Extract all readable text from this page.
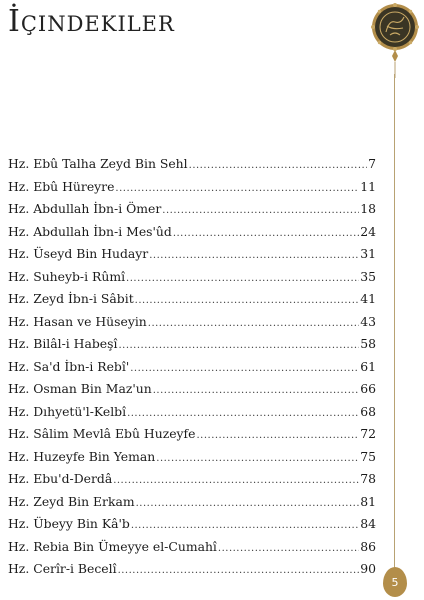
İçindekiler
Hz. Ebû Talha Zeyd Bin Sehl .....	7
Hz. Ebû Hüreyre .....	11
Hz. Abdullah İbn-i Ömer .....	18
Hz. Abdullah İbn-i Mes'ûd .....	24
Hz. Üseyd Bin Hudayr .....	31
Hz. Suheyb-i Rûmî .....	35
Hz. Zeyd İbn-i Sâbit .....	41
Hz. Hasan ve Hüseyin .....	43
Hz. Bilâl-i Habeşî .....	58
Hz. Sa'd İbn-i Rebî' .....	61
Hz. Osman Bin Maz'un .....	66
Hz. Dıhyetü'l-Kelbî .....	68
Hz. Sâlim Mevlâ Ebû Huzeyfe .....	72
Hz. Huzeyfe Bin Yeman .....	75
Hz. Ebu'd-Derdâ .....	78
Hz. Zeyd Bin Erkam .....	81
Hz. Übeyy Bin Kâ'b .....	84
Hz. Rebia Bin Ümeyye el-Cumahî .....	86
Hz. Cerîr-i Becelî .....	90
5
